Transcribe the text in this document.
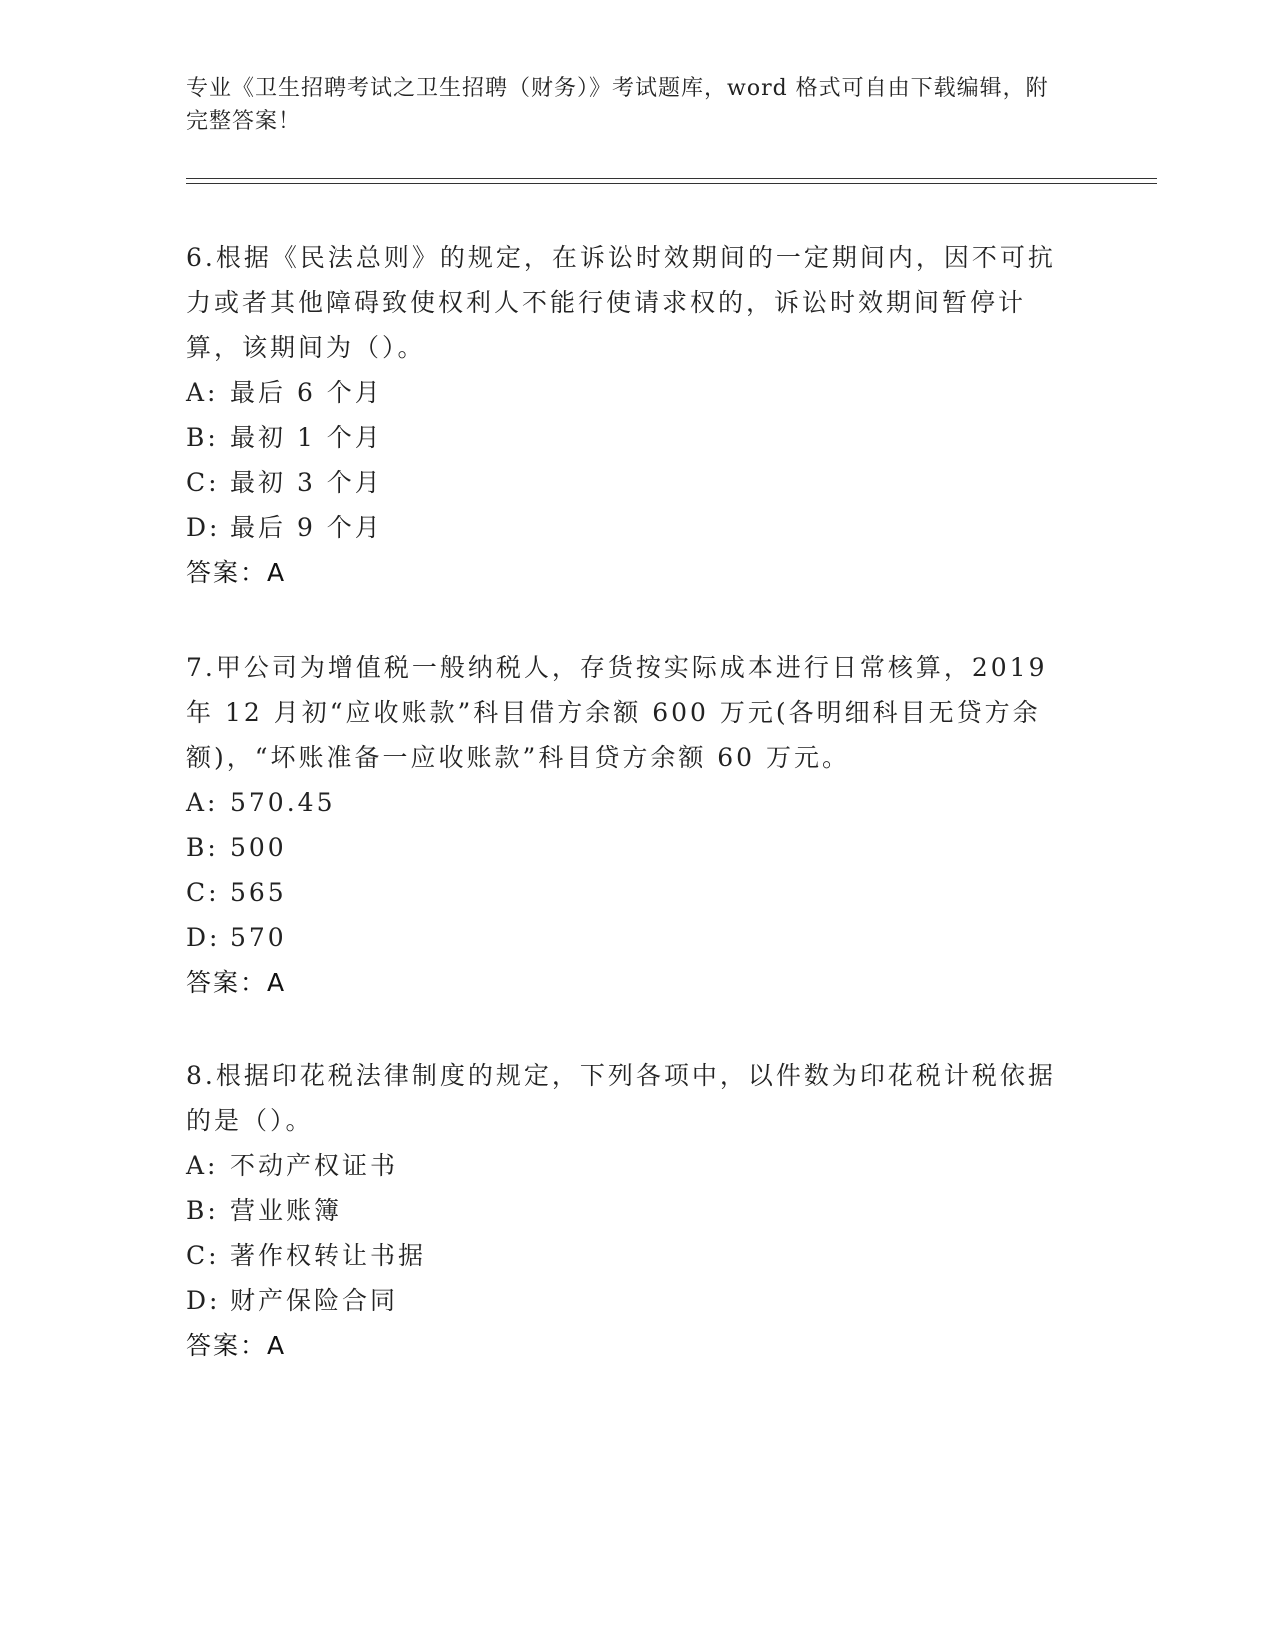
专业《卫生招聘考试之卫生招聘（财务）》考试题库，word 格式可自由下载编辑，附完整答案！

6.根据《民法总则》的规定，在诉讼时效期间的一定期间内，因不可抗力或者其他障碍致使权利人不能行使请求权的，诉讼时效期间暂停计算，该期间为（）。

A: 最后 6 个月

B: 最初 1 个月

C: 最初 3 个月

D: 最后 9 个月

答案：A

7.甲公司为增值税一般纳税人，存货按实际成本进行日常核算，2019年 12 月初“应收账款”科目借方余额 600 万元(各明细科目无贷方余额)，“坏账准备一应收账款”科目贷方余额 60 万元。

A: 570.45

B: 500

C: 565

D: 570

答案：A

8.根据印花税法律制度的规定，下列各项中，以件数为印花税计税依据的是（）。

A: 不动产权证书

B: 营业账簿

C: 著作权转让书据

D: 财产保险合同

答案：A
